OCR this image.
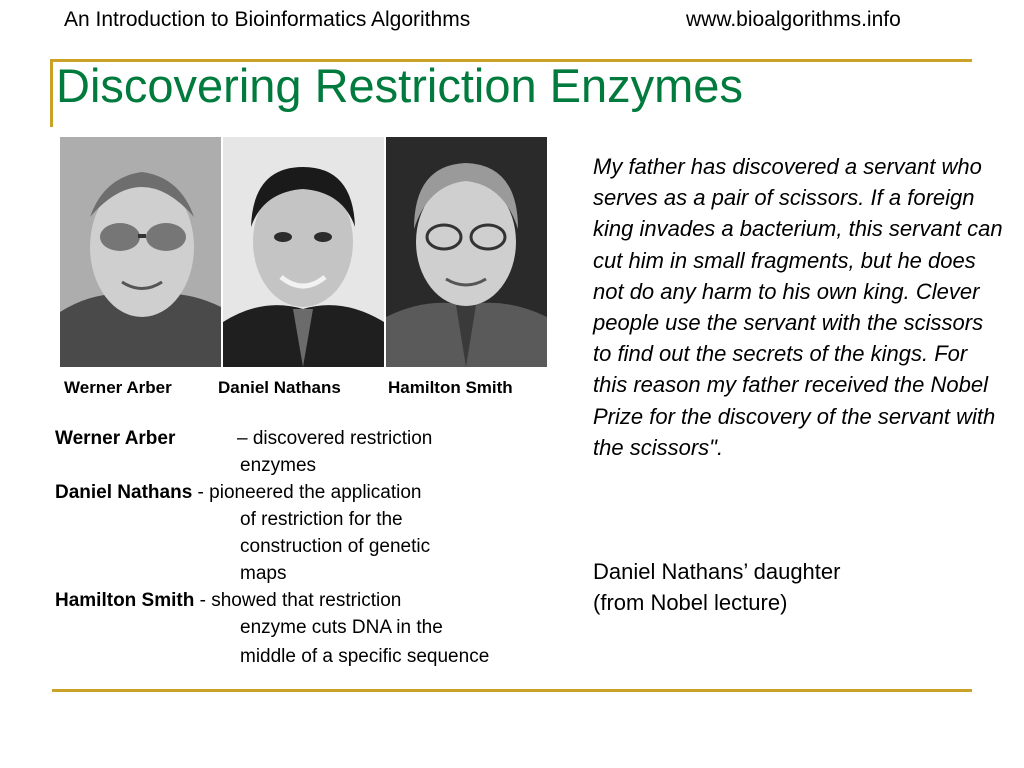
An Introduction to Bioinformatics Algorithms	www.bioalgorithms.info
Discovering Restriction Enzymes
Werner Arber	Daniel Nathans	Hamilton Smith
Werner Arber	– discovered restriction
enzymes
Daniel Nathans - pioneered the application
of restriction for the
construction of genetic
maps
Hamilton Smith - showed that restriction
enzyme cuts DNA in the
middle of a specific sequence
My father has discovered a servant who serves as a pair of scissors. If a foreign king invades a bacterium, this servant can cut him in small fragments, but he does not do any harm to his own king. Clever people use the servant with the scissors to find out the secrets of the kings. For this reason my father received the Nobel Prize for the discovery of the servant with the scissors".
Daniel Nathans’ daughter
(from Nobel lecture)
